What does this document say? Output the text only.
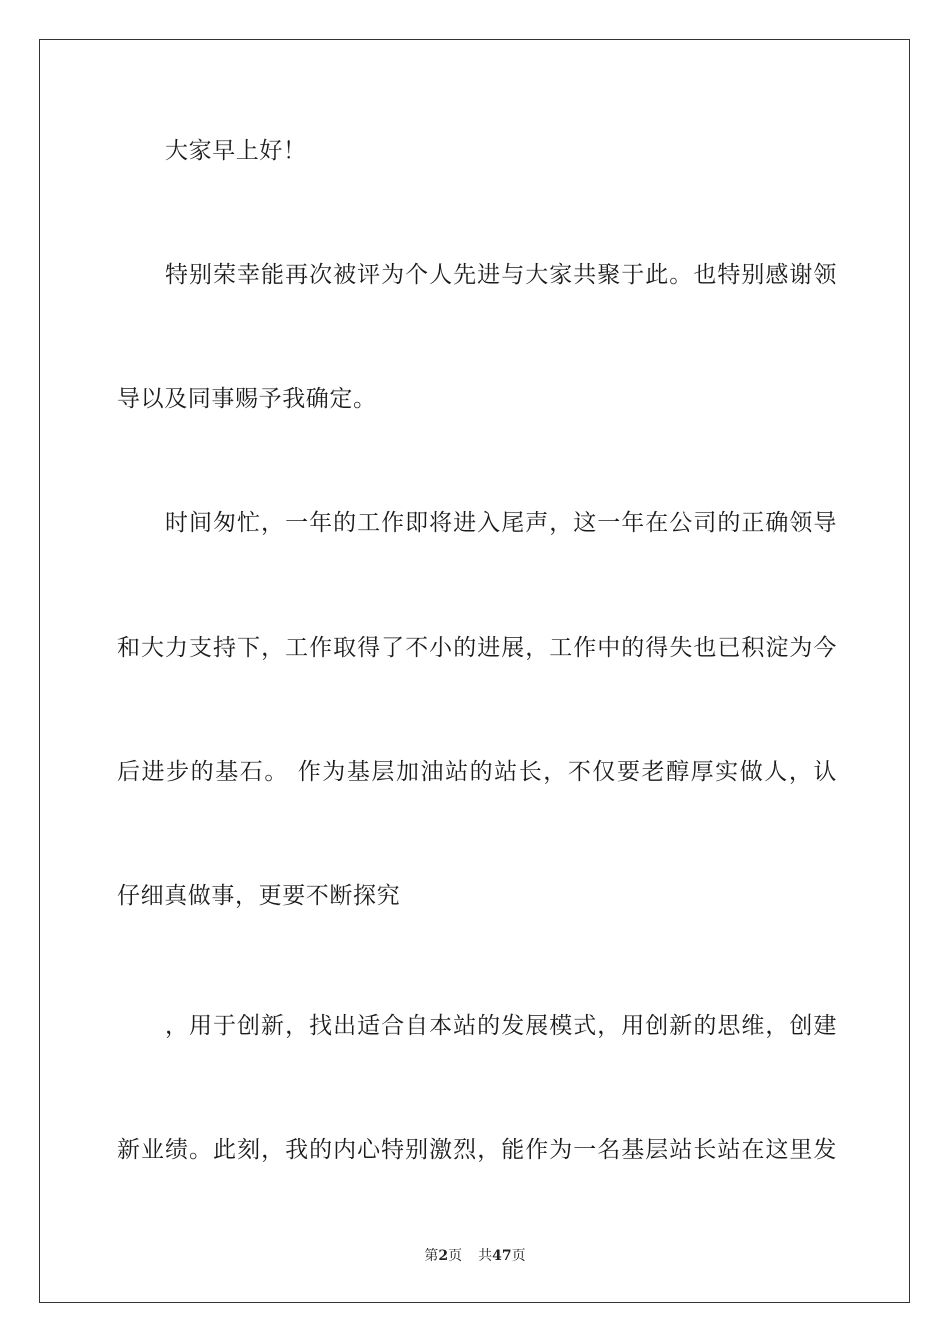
大家早上好！
特别荣幸能再次被评为个人先进与大家共聚于此。也特别感谢领
导以及同事赐予我确定。
时间匆忙，一年的工作即将进入尾声，这一年在公司的正确领导
和大力支持下，工作取得了不小的进展，工作中的得失也已积淀为今
后进步的基石。 作为基层加油站的站长，不仅要老醇厚实做人，认
仔细真做事，更要不断探究
，用于创新，找出适合自本站的发展模式，用创新的思维，创建
新业绩。此刻，我的内心特别激烈，能作为一名基层站长站在这里发
第2页 共47页
